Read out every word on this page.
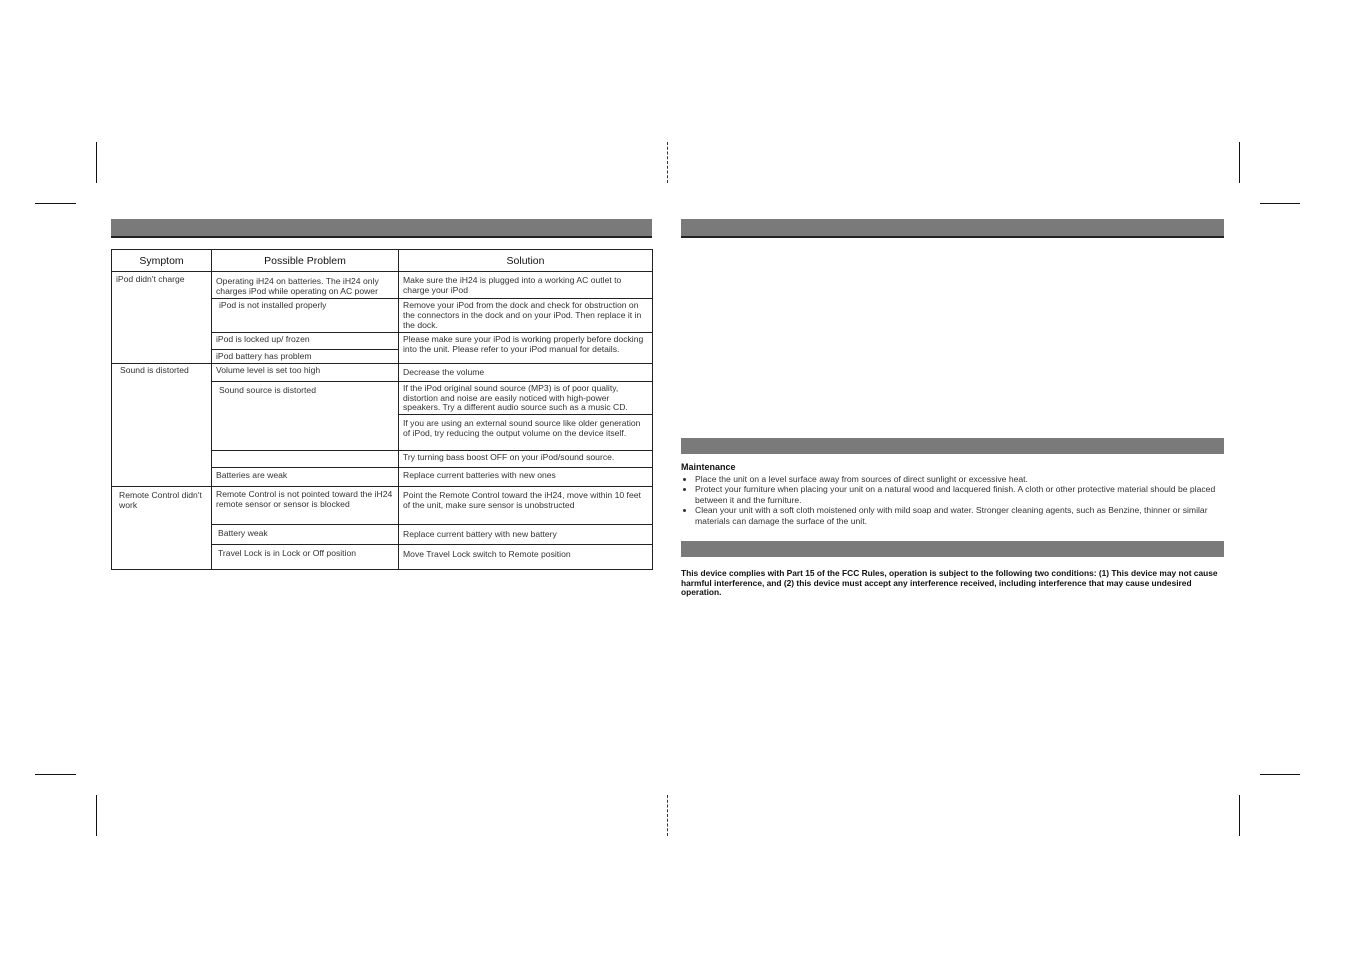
Symptom	Possible Problem	Solution
iPod didn't charge	Operating iH24 on batteries. The iH24 only charges iPod while operating on AC power	Make sure the iH24 is plugged into a working AC outlet to charge your iPod
	iPod is not installed properly	Remove your iPod from the dock and check for obstruction on the connectors in the dock and on your iPod. Then replace it in the dock.
	iPod is locked up/ frozen	Please make sure your iPod is working properly before docking into the unit. Please refer to your iPod manual for details.
	iPod battery has problem	
Sound is distorted	Volume level is set too high	Decrease the volume
	Sound source is distorted	If the iPod original sound source (MP3) is of poor quality, distortion and noise are easily noticed with high-power speakers. Try a different audio source such as a music CD.
		If you are using an external sound source like older generation of iPod, try reducing the output volume on the device itself.
		Try turning bass boost OFF on your iPod/sound source.
	Batteries are weak	Replace current batteries with new ones
Remote Control didn't work	Remote Control is not pointed toward the iH24 remote sensor or sensor is blocked	Point the Remote Control toward the iH24, move within 10 feet of the unit, make sure sensor is unobstructed
	Battery weak	Replace current battery with new battery
	Travel Lock is in Lock or Off position	Move Travel Lock switch to Remote position
Maintenance
• Place the unit on a level surface away from sources of direct sunlight or excessive heat.
• Protect your furniture when placing your unit on a natural wood and lacquered finish. A cloth or other protective material should be placed between it and the furniture.
• Clean your unit with a soft cloth moistened only with mild soap and water. Stronger cleaning agents, such as Benzine, thinner or similar materials can damage the surface of the unit.
This device complies with Part 15 of the FCC Rules, operation is subject to the following two conditions: (1) This device may not cause harmful interference, and (2) this device must accept any interference received, including interference that may cause undesired operation.
